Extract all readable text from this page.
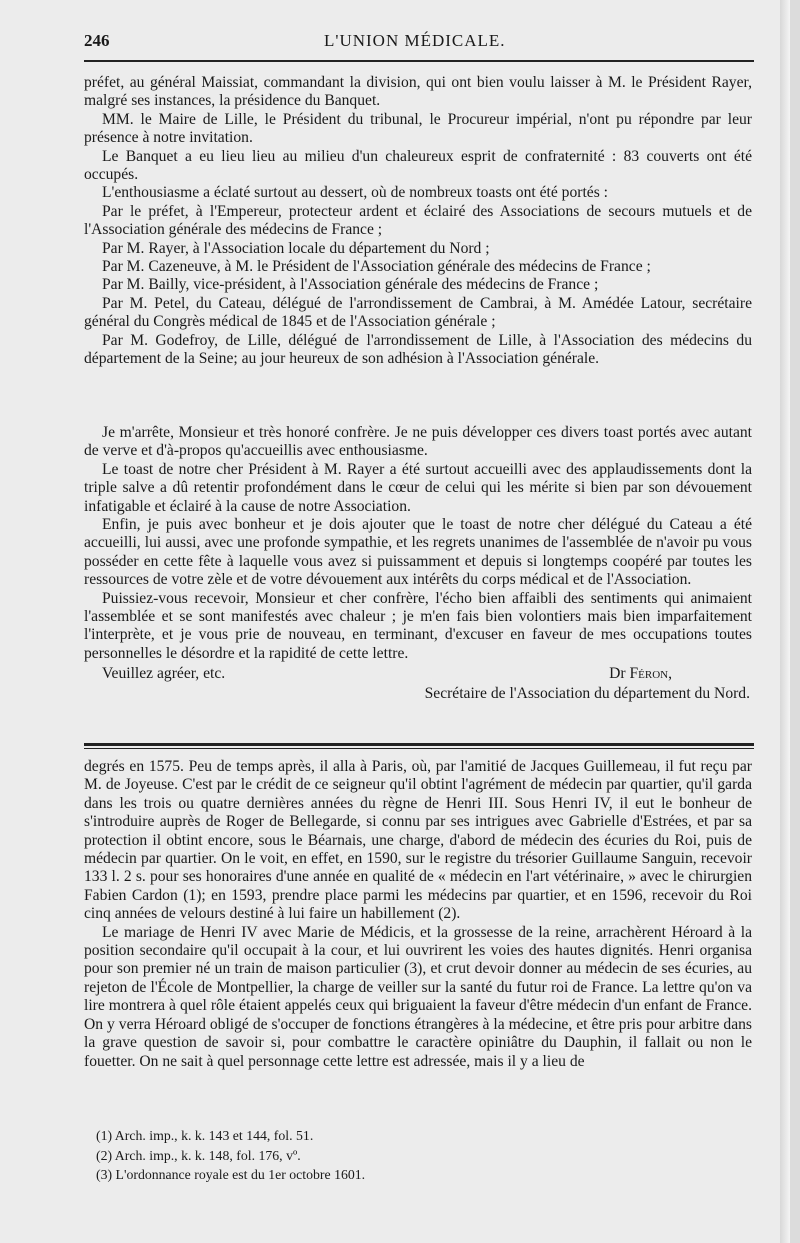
246	L'UNION MÉDICALE.

préfet, au général Maissiat, commandant la division, qui ont bien voulu laisser à M. le Président Rayer, malgré ses instances, la présidence du Banquet.

MM. le Maire de Lille, le Président du tribunal, le Procureur impérial, n'ont pu répondre par leur présence à notre invitation.

Le Banquet a eu lieu lieu au milieu d'un chaleureux esprit de confraternité : 83 couverts ont été occupés.

L'enthousiasme a éclaté surtout au dessert, où de nombreux toasts ont été portés :

Par le préfet, à l'Empereur, protecteur ardent et éclairé des Associations de secours mutuels et de l'Association générale des médecins de France ;

Par M. Rayer, à l'Association locale du département du Nord ;

Par M. Cazeneuve, à M. le Président de l'Association générale des médecins de France ;

Par M. Bailly, vice-président, à l'Association générale des médecins de France ;

Par M. Petel, du Cateau, délégué de l'arrondissement de Cambrai, à M. Amédée Latour, secrétaire général du Congrès médical de 1845 et de l'Association générale ;

Par M. Godefroy, de Lille, délégué de l'arrondissement de Lille, à l'Association des médecins du département de la Seine; au jour heureux de son adhésion à l'Association générale.

Je m'arrête, Monsieur et très honoré confrère. Je ne puis développer ces divers toast portés avec autant de verve et d'à-propos qu'accueillis avec enthousiasme.

Le toast de notre cher Président à M. Rayer a été surtout accueilli avec des applaudissements dont la triple salve a dû retentir profondément dans le cœur de celui qui les mérite si bien par son dévouement infatigable et éclairé à la cause de notre Association.

Enfin, je puis avec bonheur et je dois ajouter que le toast de notre cher délégué du Cateau a été accueilli, lui aussi, avec une profonde sympathie, et les regrets unanimes de l'assemblée de n'avoir pu vous posséder en cette fête à laquelle vous avez si puissamment et depuis si longtemps coopéré par toutes les ressources de votre zèle et de votre dévouement aux intérêts du corps médical et de l'Association.

Puissiez-vous recevoir, Monsieur et cher confrère, l'écho bien affaibli des sentiments qui animaient l'assemblée et se sont manifestés avec chaleur ; je m'en fais bien volontiers mais bien imparfaitement l'interprète, et je vous prie de nouveau, en terminant, d'excuser en faveur de mes occupations toutes personnelles le désordre et la rapidité de cette lettre.

Veuillez agréer, etc.	Dr Féron,
Secrétaire de l'Association du département du Nord.

degrés en 1575. Peu de temps après, il alla à Paris, où, par l'amitié de Jacques Guillemeau, il fut reçu par M. de Joyeuse. C'est par le crédit de ce seigneur qu'il obtint l'agrément de médecin par quartier, qu'il garda dans les trois ou quatre dernières années du règne de Henri III. Sous Henri IV, il eut le bonheur de s'introduire auprès de Roger de Bellegarde, si connu par ses intrigues avec Gabrielle d'Estrées, et par sa protection il obtint encore, sous le Béarnais, une charge, d'abord de médecin des écuries du Roi, puis de médecin par quartier. On le voit, en effet, en 1590, sur le registre du trésorier Guillaume Sanguin, recevoir 133 l. 2 s. pour ses honoraires d'une année en qualité de « médecin en l'art vétérinaire, » avec le chirurgien Fabien Cardon (1); en 1593, prendre place parmi les médecins par quartier, et en 1596, recevoir du Roi cinq années de velours destiné à lui faire un habillement (2).

Le mariage de Henri IV avec Marie de Médicis, et la grossesse de la reine, arrachèrent Héroard à la position secondaire qu'il occupait à la cour, et lui ouvrirent les voies des hautes dignités. Henri organisa pour son premier né un train de maison particulier (3), et crut devoir donner au médecin de ses écuries, au rejeton de l'École de Montpellier, la charge de veiller sur la santé du futur roi de France. La lettre qu'on va lire montrera à quel rôle étaient appelés ceux qui briguaient la faveur d'être médecin d'un enfant de France. On y verra Héroard obligé de s'occuper de fonctions étrangères à la médecine, et être pris pour arbitre dans la grave question de savoir si, pour combattre le caractère opiniâtre du Dauphin, il fallait ou non le fouetter. On ne sait à quel personnage cette lettre est adressée, mais il y a lieu de

(1) Arch. imp., k. k. 143 et 144, fol. 51.
(2) Arch. imp., k. k. 148, fol. 176, vº.
(3) L'ordonnance royale est du 1er octobre 1601.
